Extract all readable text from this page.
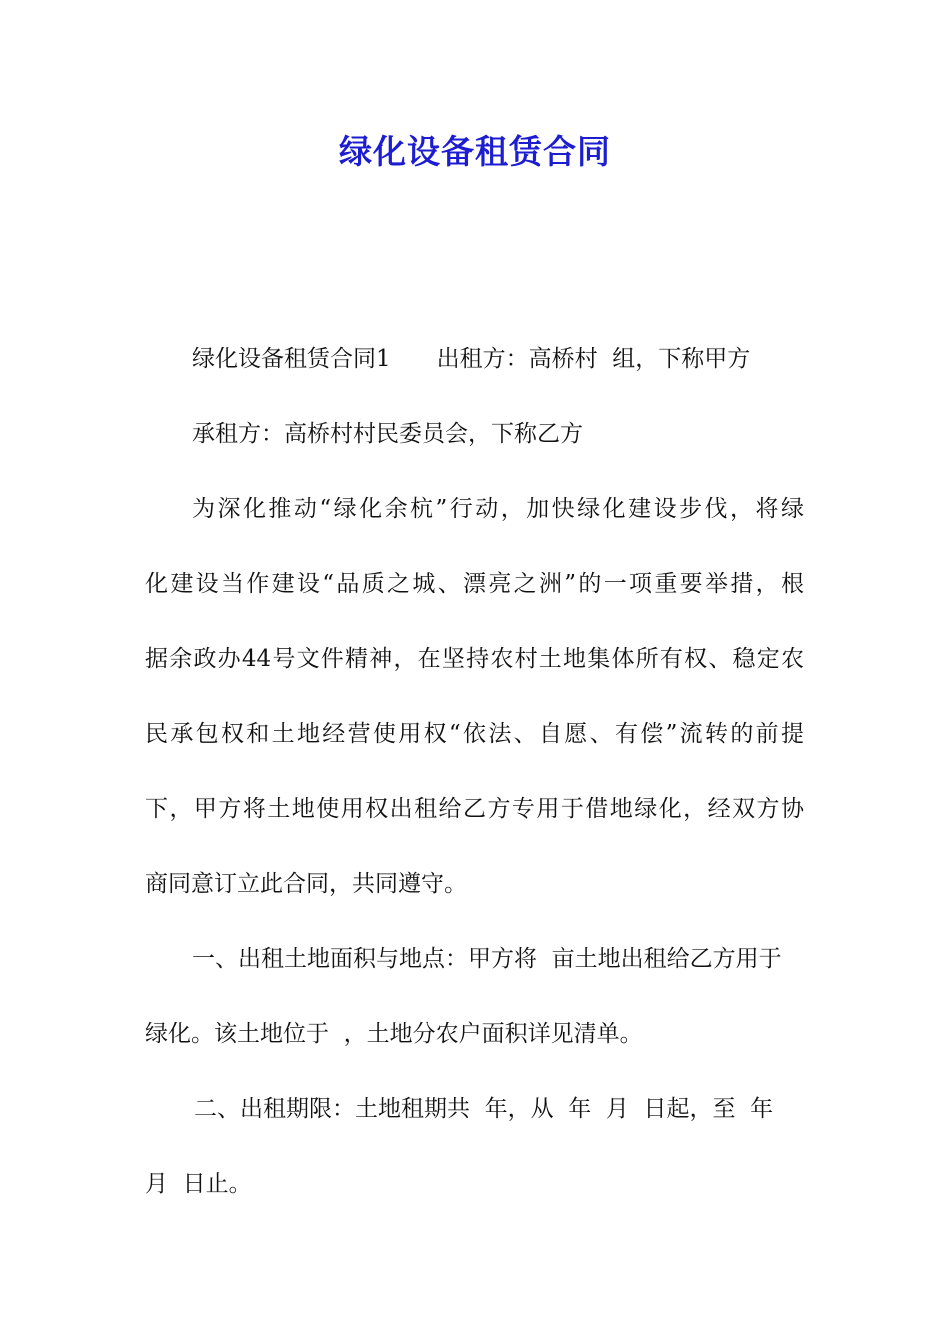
绿化设备租赁合同
绿化设备租赁合同1　　出租方：高桥村  组，下称甲方
承租方：高桥村村民委员会，下称乙方
为深化推动“绿化余杭”行动，加快绿化建设步伐，将绿
化建设当作建设“品质之城、漂亮之洲”的一项重要举措，根
据余政办44号文件精神，在坚持农村土地集体所有权、稳定农
民承包权和土地经营使用权“依法、自愿、有偿”流转的前提
下，甲方将土地使用权出租给乙方专用于借地绿化，经双方协
商同意订立此合同，共同遵守。
一、出租土地面积与地点：甲方将  亩土地出租给乙方用于
绿化。该土地位于  ，土地分农户面积详见清单。
二、出租期限：土地租期共  年，从  年  月  日起，至  年
月  日止。
